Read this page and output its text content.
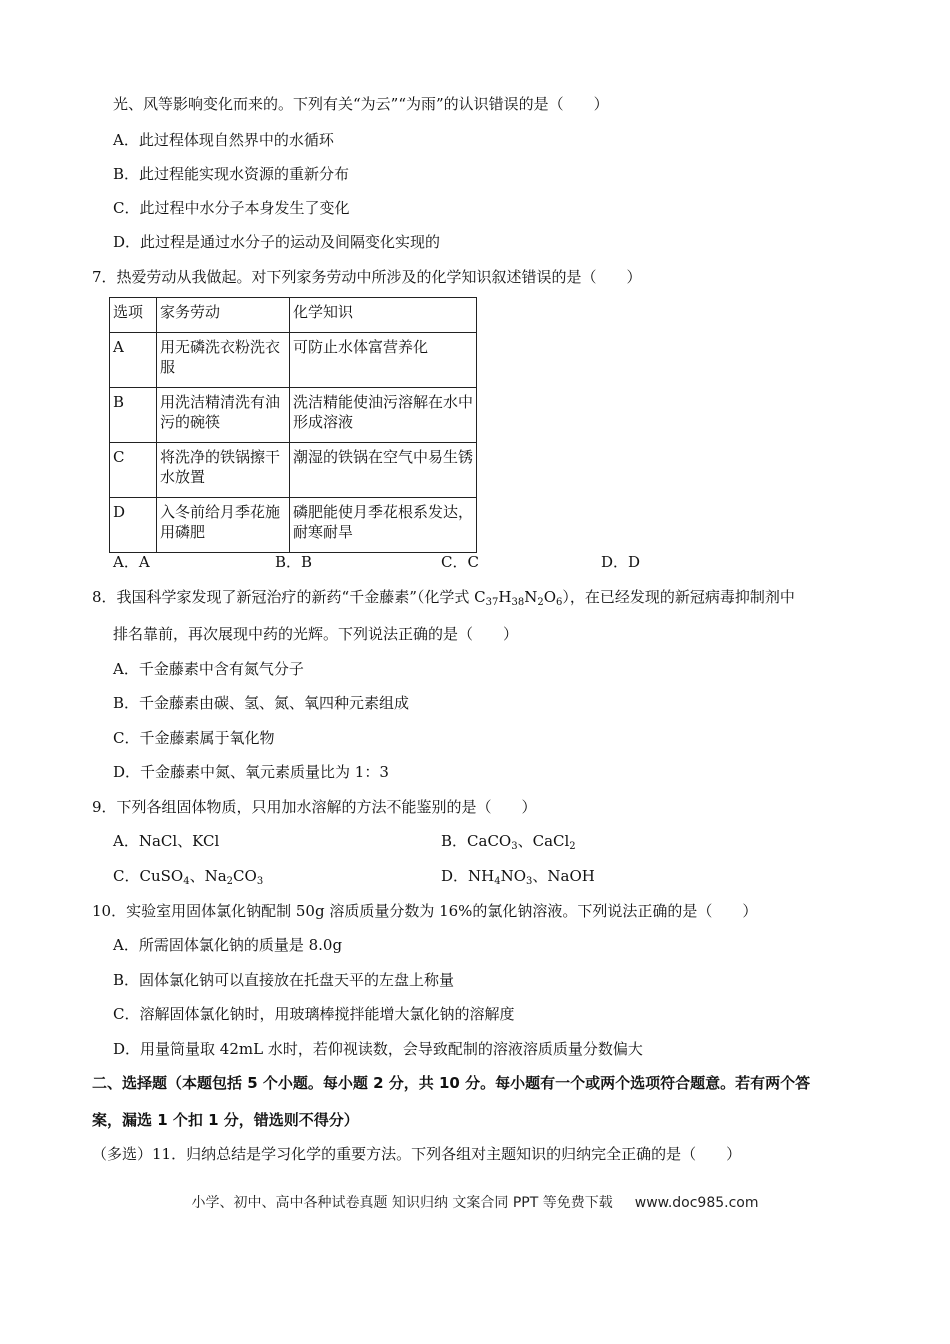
光、风等影响变化而来的。下列有关“为云”“为雨”的认识错误的是（　　）
A．此过程体现自然界中的水循环
B．此过程能实现水资源的重新分布
C．此过程中水分子本身发生了变化
D．此过程是通过水分子的运动及间隔变化实现的
7．热爱劳动从我做起。对下列家务劳动中所涉及的化学知识叙述错误的是（　　）
选项	家务劳动	化学知识
A	用无磷洗衣粉洗衣服	可防止水体富营养化
B	用洗洁精清洗有油污的碗筷	洗洁精能使油污溶解在水中形成溶液
C	将洗净的铁锅擦干水放置	潮湿的铁锅在空气中易生锈
D	入冬前给月季花施用磷肥	磷肥能使月季花根系发达，耐寒耐旱
A．A	B．B	C．C	D．D
8．我国科学家发现了新冠治疗的新药“千金藤素”（化学式 $C_{37}H_{38}N_2O_6$），在已经发现的新冠病毒抑制剂中
排名靠前，再次展现中药的光辉。下列说法正确的是（　　）
A．千金藤素中含有氮气分子
B．千金藤素由碳、氢、氮、氧四种元素组成
C．千金藤素属于氧化物
D．千金藤素中氮、氧元素质量比为 1：3
9．下列各组固体物质，只用加水溶解的方法不能鉴别的是（　　）
A．NaCl、KCl	B．CaCO$_3$、CaCl$_2$
C．CuSO$_4$、$Na_2CO_3$	D．$NH_4NO_3$、NaOH
10．实验室用固体氯化钠配制 50g 溶质质量分数为 16%的氯化钠溶液。下列说法正确的是（　　）
A．所需固体氯化钠的质量是 8.0g
B．固体氯化钠可以直接放在托盘天平的左盘上称量
C．溶解固体氯化钠时，用玻璃棒搅拌能增大氯化钠的溶解度
D．用量筒量取 42mL 水时，若仰视读数，会导致配制的溶液溶质质量分数偏大
二、选择题（本题包括 5 个小题。每小题 2 分，共 10 分。每小题有一个或两个选项符合题意。若有两个答
案，漏选 1 个扣 1 分，错选则不得分）
（多选）11．归纳总结是学习化学的重要方法。下列各组对主题知识的归纳完全正确的是（　　）
小学、初中、高中各种试卷真题 知识归纳 文案合同 PPT 等免费下载 www.doc985.com
